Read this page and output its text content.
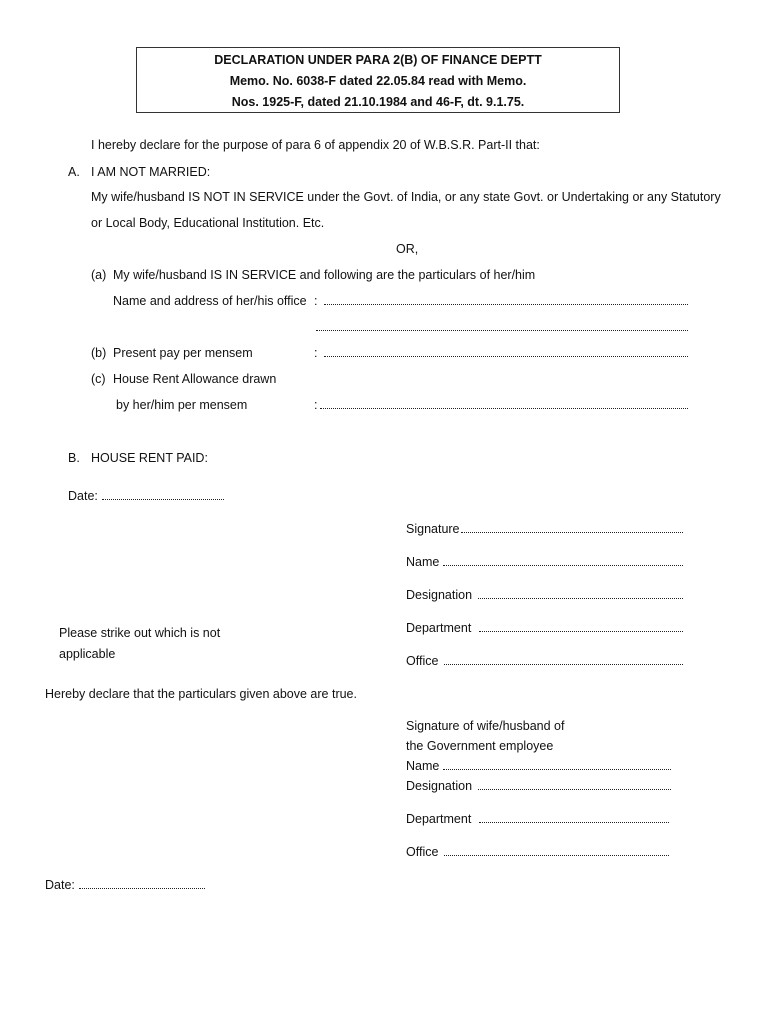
DECLARATION UNDER PARA 2(B) OF FINANCE DEPTT
Memo. No. 6038-F dated 22.05.84 read with Memo.
Nos. 1925-F, dated 21.10.1984 and 46-F, dt. 9.1.75.
I hereby declare for the purpose of para 6 of appendix 20 of W.B.S.R. Part-II that:
A. I AM NOT MARRIED:
My wife/husband IS NOT IN SERVICE under the Govt. of India, or any state Govt. or Undertaking or any Statutory
or Local Body, Educational Institution. Etc.
OR,
(a) My wife/husband IS IN SERVICE and following are the particulars of her/him
Name and address of her/his office :
(b) Present pay per mensem	:
(c) House Rent Allowance drawn
by her/him per mensem	:
B. HOUSE RENT PAID:
Date:
Signature
Name
Designation
Department
Office
Please strike out which is not
applicable
Hereby declare that the particulars given above are true.
Signature of wife/husband of
the Government employee
Name
Designation
Department
Office
Date:
